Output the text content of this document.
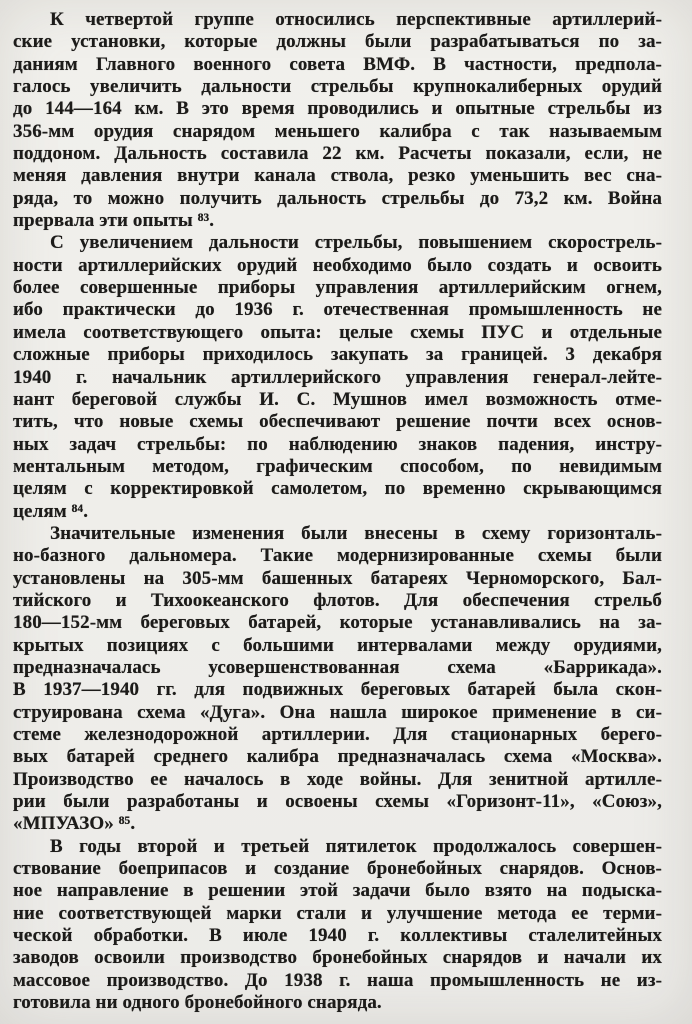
К четвертой группе относились перспективные артиллерий-
ские установки, которые должны были разрабатываться по за-
даниям Главного военного совета ВМФ. В частности, предпола-
галось увеличить дальности стрельбы крупнокалиберных орудий
до 144—164 км. В это время проводились и опытные стрельбы из
356-мм орудия снарядом меньшего калибра с так называемым
поддоном. Дальность составила 22 км. Расчеты показали, если, не
меняя давления внутри канала ствола, резко уменьшить вес сна-
ряда, то можно получить дальность стрельбы до 73,2 км. Война
прервала эти опыты ⁸³.

С увеличением дальности стрельбы, повышением скорострель-
ности артиллерийских орудий необходимо было создать и освоить
более совершенные приборы управления артиллерийским огнем,
ибо практически до 1936 г. отечественная промышленность не
имела соответствующего опыта: целые схемы ПУС и отдельные
сложные приборы приходилось закупать за границей. 3 декабря
1940 г. начальник артиллерийского управления генерал-лейте-
нант береговой службы И. С. Мушнов имел возможность отме-
тить, что новые схемы обеспечивают решение почти всех основ-
ных задач стрельбы: по наблюдению знаков падения, инстру-
ментальным методом, графическим способом, по невидимым
целям с корректировкой самолетом, по временно скрывающимся
целям ⁸⁴.

Значительные изменения были внесены в схему горизонталь-
но-базного дальномера. Такие модернизированные схемы были
установлены на 305-мм башенных батареях Черноморского, Бал-
тийского и Тихоокеанского флотов. Для обеспечения стрельб
180—152-мм береговых батарей, которые устанавливались на за-
крытых позициях с большими интервалами между орудиями,
предназначалась усовершенствованная схема «Баррикада».
В 1937—1940 гг. для подвижных береговых батарей была скон-
струирована схема «Дуга». Она нашла широкое применение в си-
стеме железнодорожной артиллерии. Для стационарных берего-
вых батарей среднего калибра предназначалась схема «Москва».
Производство ее началось в ходе войны. Для зенитной артилле-
рии были разработаны и освоены схемы «Горизонт-11», «Союз»,
«МПУАЗО» ⁸⁵.

В годы второй и третьей пятилеток продолжалось совершен-
ствование боеприпасов и создание бронебойных снарядов. Основ-
ное направление в решении этой задачи было взято на подыска-
ние соответствующей марки стали и улучшение метода ее терми-
ческой обработки. В июле 1940 г. коллективы сталелитейных
заводов освоили производство бронебойных снарядов и начали их
массовое производство. До 1938 г. наша промышленность не из-
готовила ни одного бронебойного снаряда.
